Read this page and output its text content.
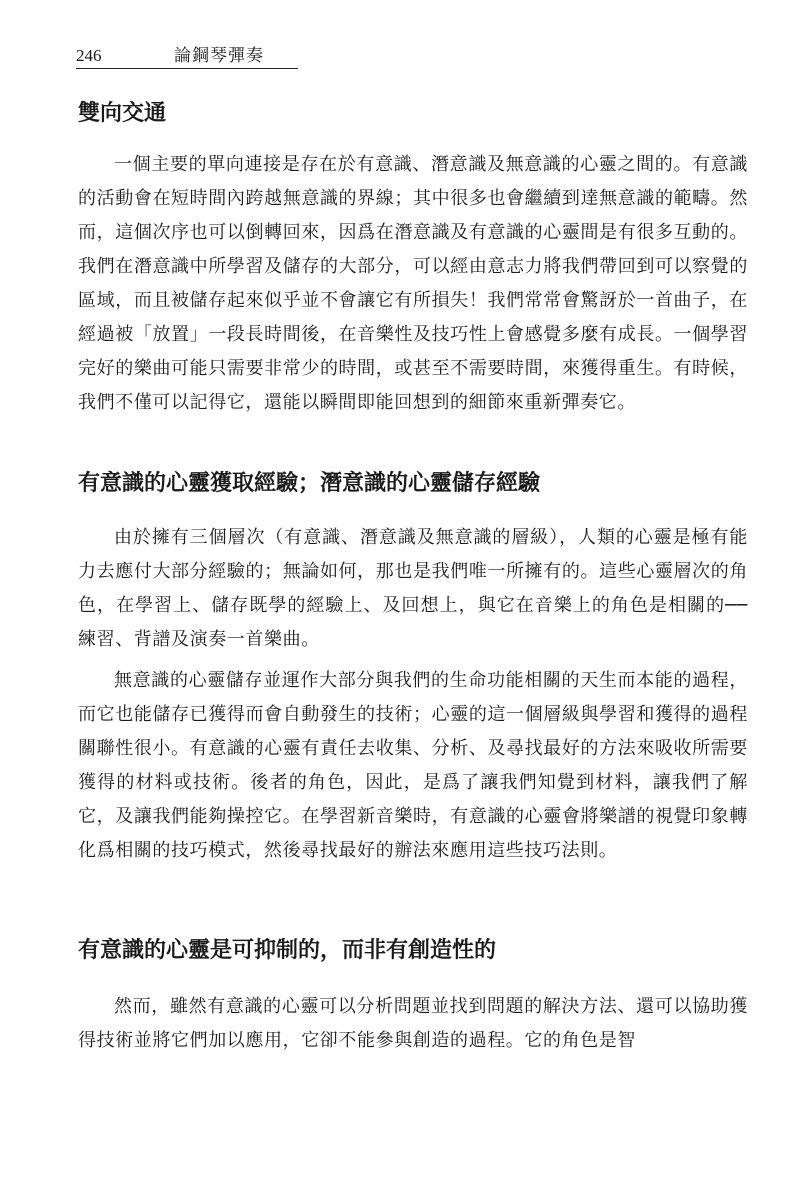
246	論鋼琴彈奏
雙向交通

一個主要的單向連接是存在於有意識、潛意識及無意識的心靈之間的。有意識的活動會在短時間內跨越無意識的界線；其中很多也會繼續到達無意識的範疇。然而，這個次序也可以倒轉回來，因爲在潛意識及有意識的心靈間是有很多互動的。我們在潛意識中所學習及儲存的大部分，可以經由意志力將我們帶回到可以察覺的區域，而且被儲存起來似乎並不會讓它有所損失！我們常常會驚訝於一首曲子，在經過被「放置」一段長時間後，在音樂性及技巧性上會感覺多麼有成長。一個學習完好的樂曲可能只需要非常少的時間，或甚至不需要時間，來獲得重生。有時候，我們不僅可以記得它，還能以瞬間即能回想到的細節來重新彈奏它。

有意識的心靈獲取經驗；潛意識的心靈儲存經驗

由於擁有三個層次（有意識、潛意識及無意識的層級），人類的心靈是極有能力去應付大部分經驗的；無論如何，那也是我們唯一所擁有的。這些心靈層次的角色，在學習上、儲存既學的經驗上、及回想上，與它在音樂上的角色是相關的──練習、背譜及演奏一首樂曲。

無意識的心靈儲存並運作大部分與我們的生命功能相關的天生而本能的過程，而它也能儲存已獲得而會自動發生的技術；心靈的這一個層級與學習和獲得的過程關聯性很小。有意識的心靈有責任去收集、分析、及尋找最好的方法來吸收所需要獲得的材料或技術。後者的角色，因此，是爲了讓我們知覺到材料，讓我們了解它，及讓我們能夠操控它。在學習新音樂時，有意識的心靈會將樂譜的視覺印象轉化爲相關的技巧模式，然後尋找最好的辦法來應用這些技巧法則。

有意識的心靈是可抑制的，而非有創造性的

然而，雖然有意識的心靈可以分析問題並找到問題的解決方法、還可以協助獲得技術並將它們加以應用，它卻不能參與創造的過程。它的角色是智
